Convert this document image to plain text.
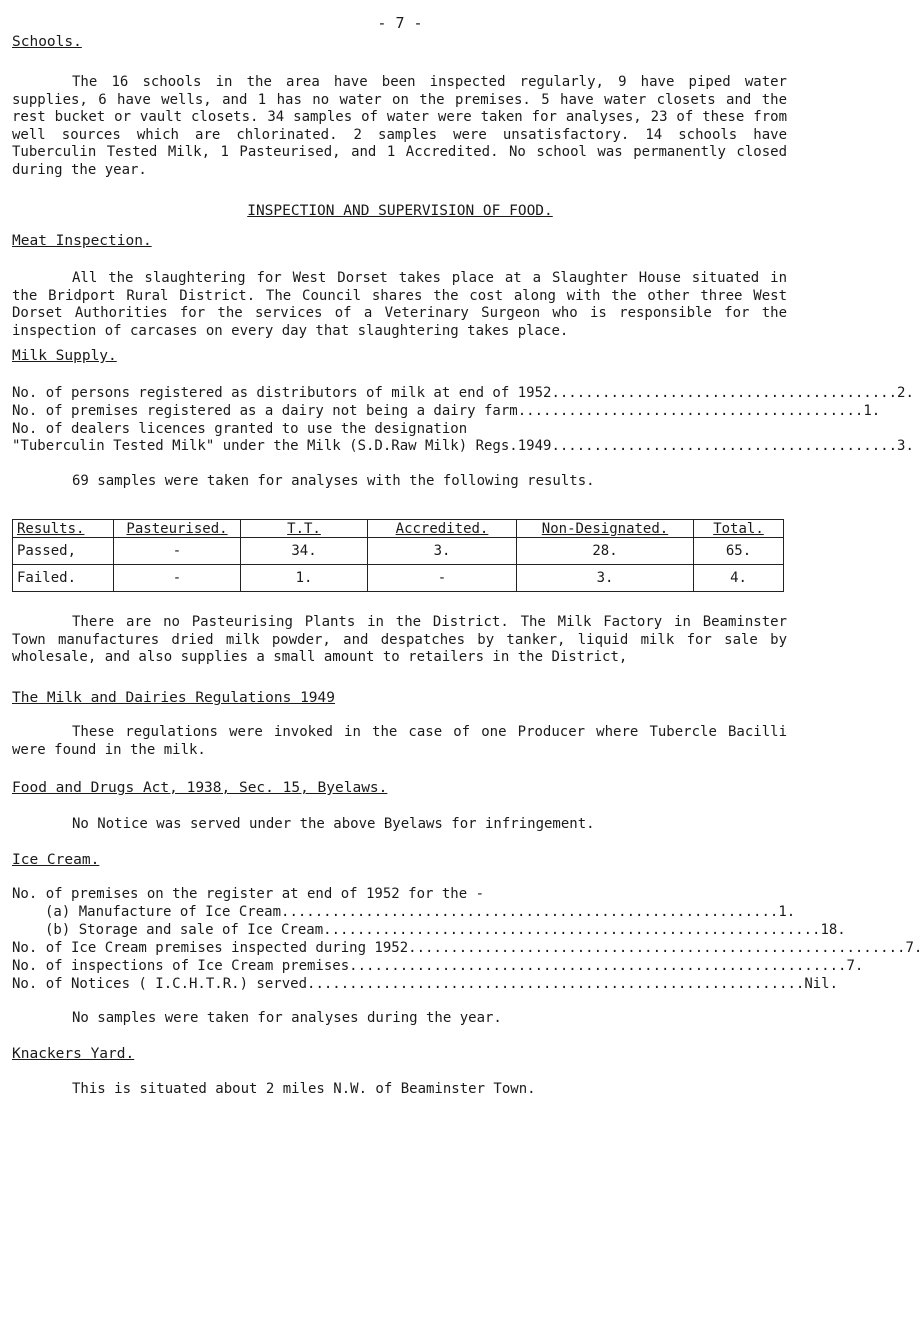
- 7 -
Schools.
The 16 schools in the area have been inspected regularly, 9 have piped water supplies, 6 have wells, and 1 has no water on the premises. 5 have water closets and the rest bucket or vault closets. 34 samples of water were taken for analyses, 23 of these from well sources which are chlorinated. 2 samples were unsatisfactory. 14 schools have Tuberculin Tested Milk, 1 Pasteurised, and 1 Accredited. No school was permanently closed during the year.
INSPECTION AND SUPERVISION OF FOOD.
Meat Inspection.
All the slaughtering for West Dorset takes place at a Slaughter House situated in the Bridport Rural District. The Council shares the cost along with the other three West Dorset Authorities for the services of a Veterinary Surgeon who is responsible for the inspection of carcases on every day that slaughtering takes place.
Milk Supply.
No. of persons registered as distributors of milk at end of 1952......................................... 2.
No. of premises registered as a dairy not being a dairy farm......................................... 1.
No. of dealers licences granted to use the designation
"Tuberculin Tested Milk" under the Milk (S.D.Raw Milk) Regs.1949......................................... 3.
69 samples were taken for analyses with the following results.
Results.	Pasteurised.	T.T.	Accredited.	Non-Designated.	Total.
Passed,	-	34.	3.	28.	65.
Failed.	-	1.	-	3.	4.
There are no Pasteurising Plants in the District. The Milk Factory in Beaminster Town manufactures dried milk powder, and despatches by tanker, liquid milk for sale by wholesale, and also supplies a small amount to retailers in the District,
The Milk and Dairies Regulations 1949
These regulations were invoked in the case of one Producer where Tubercle Bacilli were found in the milk.
Food and Drugs Act, 1938, Sec. 15, Byelaws.
No Notice was served under the above Byelaws for infringement.
Ice Cream.
No. of premises on the register at end of 1952 for the -
(a) Manufacture of Ice Cream........................................................... 1.
(b) Storage and sale of Ice Cream........................................................... 18.
No. of Ice Cream premises inspected during 1952........................................................... 7.
No. of inspections of Ice Cream premises........................................................... 7.
No. of Notices ( I.C.H.T.R.) served........................................................... Nil.
No samples were taken for analyses during the year.
Knackers Yard.
This is situated about 2 miles N.W. of Beaminster Town.
